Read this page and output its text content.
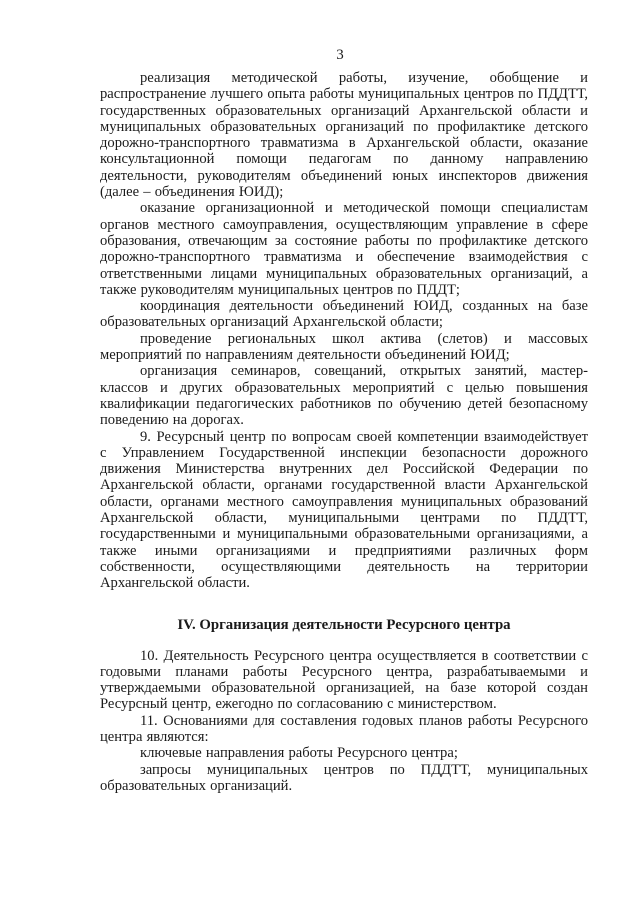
3

реализация методической работы, изучение, обобщение и распространение лучшего опыта работы муниципальных центров по ПДДТТ, государственных образовательных организаций Архангельской области и муниципальных образовательных организаций по профилактике детского дорожно-транспортного травматизма в Архангельской области, оказание консультационной помощи педагогам по данному направлению деятельности, руководителям объединений юных инспекторов движения (далее – объединения ЮИД);

оказание организационной и методической помощи специалистам органов местного самоуправления, осуществляющим управление в сфере образования, отвечающим за состояние работы по профилактике детского дорожно-транспортного травматизма и обеспечение взаимодействия с ответственными лицами муниципальных образовательных организаций, а также руководителям муниципальных центров по ПДДТ;

координация деятельности объединений ЮИД, созданных на базе образовательных организаций Архангельской области;

проведение региональных школ актива (слетов) и массовых мероприятий по направлениям деятельности объединений ЮИД;

организация семинаров, совещаний, открытых занятий, мастер-классов и других образовательных мероприятий с целью повышения квалификации педагогических работников по обучению детей безопасному поведению на дорогах.

9. Ресурсный центр по вопросам своей компетенции взаимодействует с Управлением Государственной инспекции безопасности дорожного движения Министерства внутренних дел Российской Федерации по Архангельской области, органами государственной власти Архангельской области, органами местного самоуправления муниципальных образований Архангельской области, муниципальными центрами по ПДДТТ, государственными и муниципальными образовательными организациями, а также иными организациями и предприятиями различных форм собственности, осуществляющими деятельность на территории Архангельской области.

IV. Организация деятельности Ресурсного центра

10. Деятельность Ресурсного центра осуществляется в соответствии с годовыми планами работы Ресурсного центра, разрабатываемыми и утверждаемыми образовательной организацией, на базе которой создан Ресурсный центр, ежегодно по согласованию с министерством.

11. Основаниями для составления годовых планов работы Ресурсного центра являются:

ключевые направления работы Ресурсного центра;

запросы муниципальных центров по ПДДТТ, муниципальных образовательных организаций.
